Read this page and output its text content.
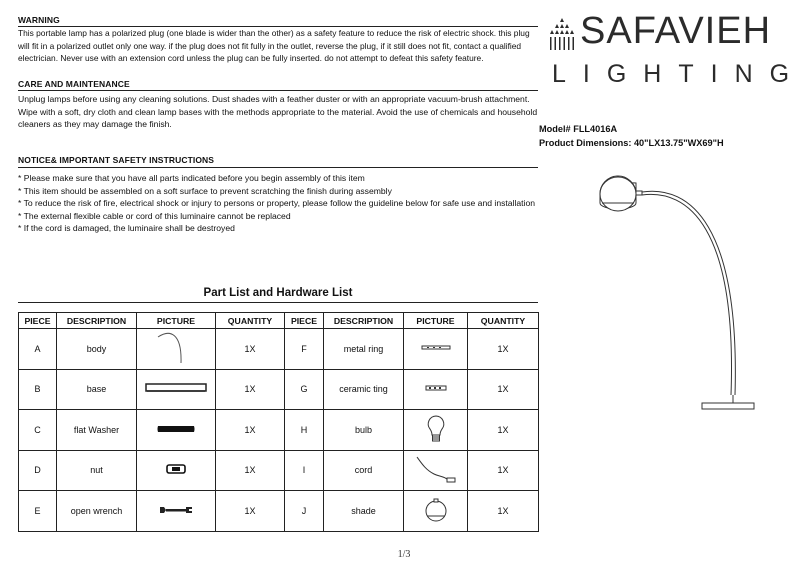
WARNING
This portable lamp has a polarized plug (one blade is wider than the other) as a safety feature to reduce the risk of electric shock. this plug will fit in a polarized outlet only one way. if the plug does not fit fully in the outlet, reverse the plug, if it still does not fit, contact a qualified electrician. Never use with an extension cord unless the plug can be fully inserted. do not attempt to defeat this safety feature.
CARE AND MAINTENANCE
Unplug lamps before using any cleaning solutions. Dust shades with a feather duster or with an appropriate vacuum-brush attachment. Wipe with a soft, dry cloth and clean lamp bases with the methods appropriate to the material. Avoid the use of chemicals and household cleaners as they may damage the finish.
NOTICE& IMPORTANT SAFETY INSTRUCTIONS
* Please make sure that you have all parts indicated before you begin assembly of this item
* This item should be assembled on a soft surface to prevent scratching the finish during assembly
* To reduce the risk of fire, electrical shock or injury to persons or property, please follow the guideline below for safe use and installation
* The external flexible cable or cord of this luminaire cannot be replaced
* If the cord is damaged, the luminaire shall be destroyed
SAFAVIEH
LIGHTING
Model# FLL4016A
Product Dimensions: 40"LX13.75"WX69"H
Part List and Hardware List
PIECE	DESCRIPTION	PICTURE	QUANTITY	PIECE	DESCRIPTION	PICTURE	QUANTITY
A	body		1X	F	metal ring		1X
B	base		1X	G	ceramic ting		1X
C	flat Washer		1X	H	bulb		1X
D	nut		1X	I	cord		1X
E	open wrench		1X	J	shade		1X
1/3
